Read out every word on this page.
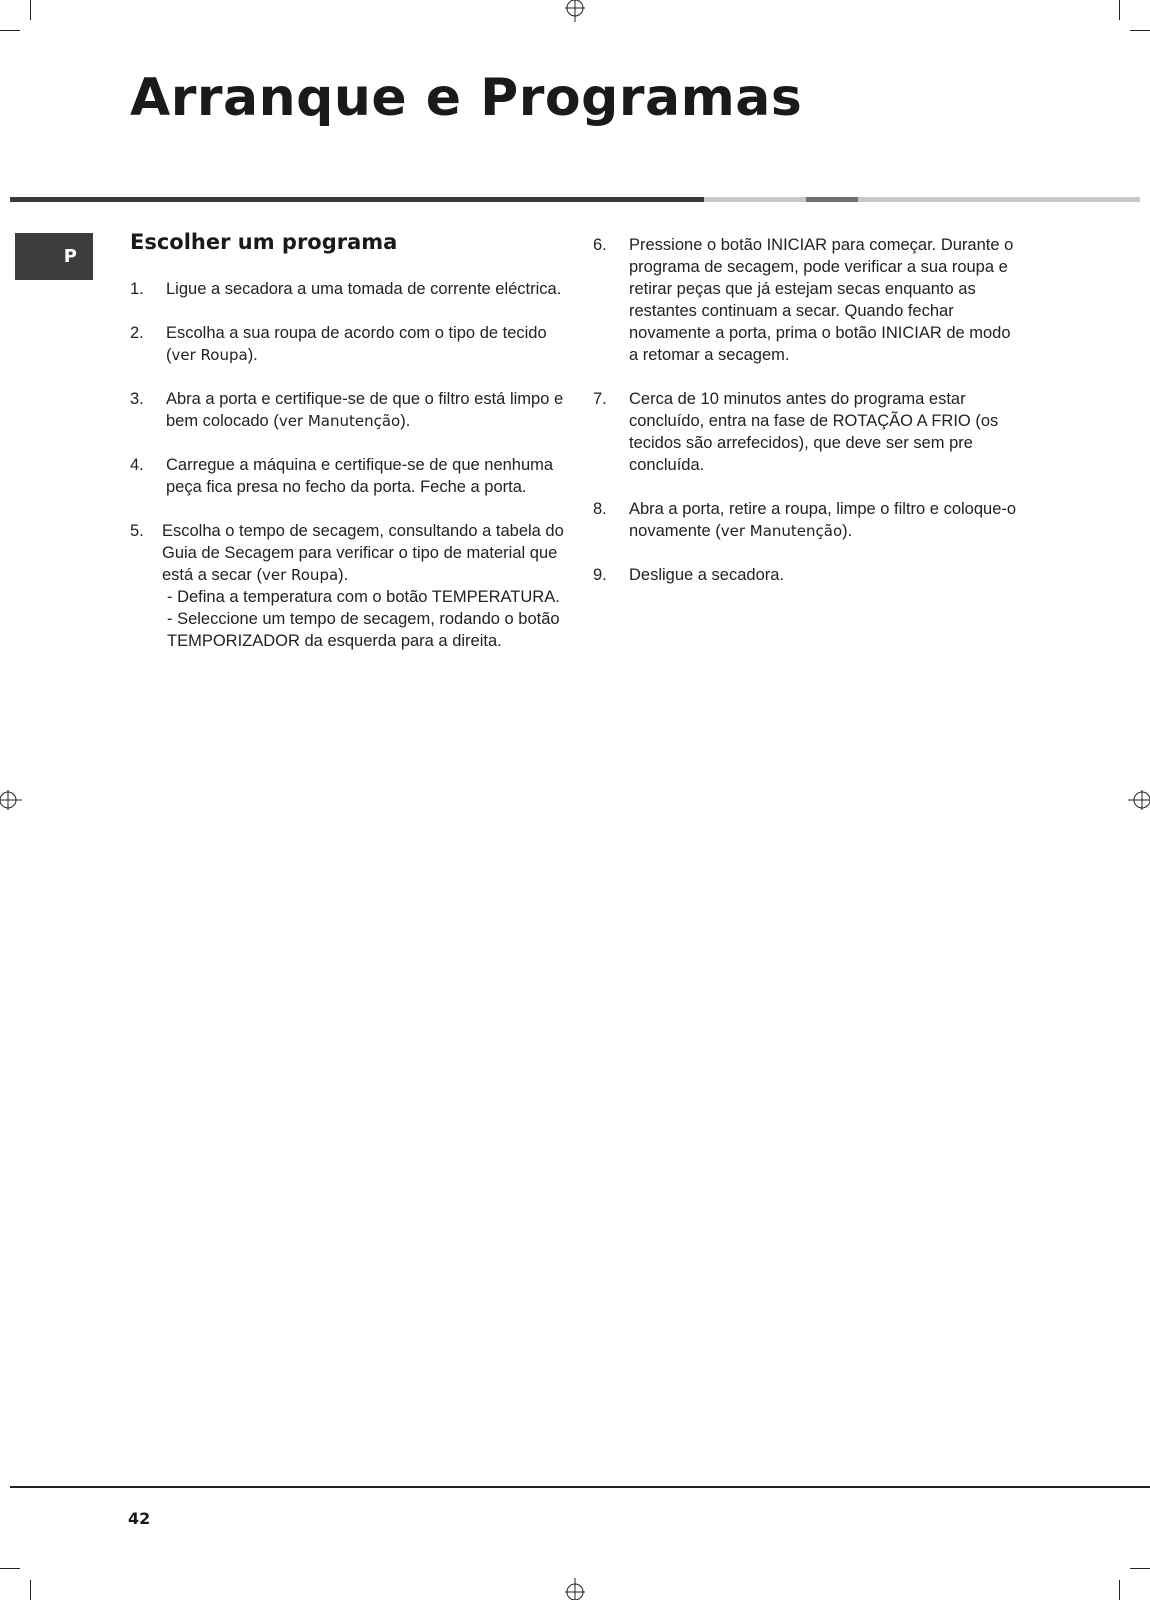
Arranque e Programas
P
Escolher um programa
1.	Ligue a secadora a uma tomada de corrente eléctrica.
2.	Escolha a sua roupa de acordo com o tipo de tecido (ver Roupa).
3.	Abra a porta e certifique-se de que o filtro está limpo e bem colocado (ver Manutenção).
4.	Carregue a máquina e certifique-se de que nenhuma peça fica presa no fecho da porta. Feche a porta.
5.	Escolha o tempo de secagem, consultando a tabela do Guia de Secagem para verificar o tipo de material que está a secar (ver Roupa).
- Defina a temperatura com o botão TEMPERATURA.
- Seleccione um tempo de secagem, rodando o botão TEMPORIZADOR da esquerda para a direita.
6.	Pressione o botão INICIAR para começar. Durante o programa de secagem, pode verificar a sua roupa e retirar peças que já estejam secas enquanto as restantes continuam a secar. Quando fechar novamente a porta, prima o botão INICIAR de modo a retomar a secagem.
7.	Cerca de 10 minutos antes do programa estar concluído, entra na fase de ROTAÇÃO A FRIO (os tecidos são arrefecidos), que deve ser sem pre concluída.
8.	Abra a porta, retire a roupa, limpe o filtro e coloque-o novamente (ver Manutenção).
9.	Desligue a secadora.
42
